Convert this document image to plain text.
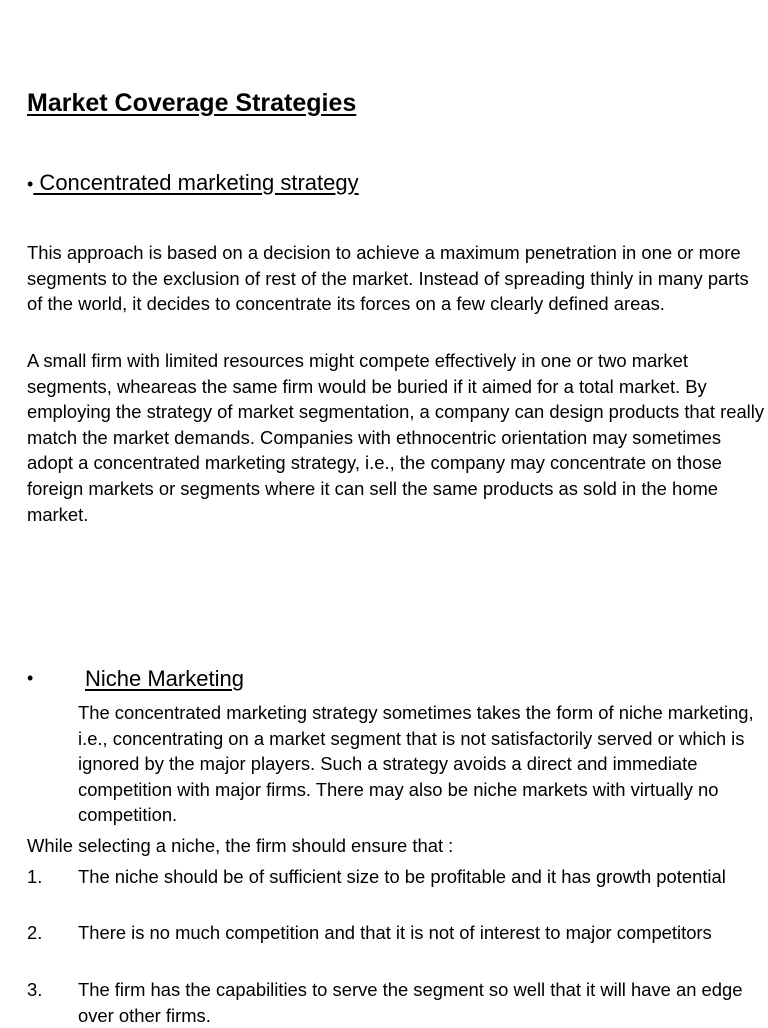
Market Coverage Strategies
• Concentrated marketing strategy

This approach is based on a decision to achieve a maximum penetration in one or more segments to the exclusion of rest of the market. Instead of spreading thinly in many parts of the world, it decides to concentrate its forces on a few clearly defined areas.

A small firm with limited resources might compete effectively in one or two market segments, wheareas the same firm would be buried if it aimed for a total market. By employing the strategy of market segmentation, a company can design products that really match the market demands. Companies with ethnocentric orientation may sometimes adopt a concentrated marketing strategy, i.e., the company may concentrate on those foreign markets or segments where it can sell the same products as sold in the home market.

• Niche Marketing

The concentrated marketing strategy sometimes takes the form of niche marketing, i.e., concentrating on a market segment that is not satisfactorily served or which is ignored by the major players. Such a strategy avoids a direct and immediate competition with major firms. There may also be niche markets with virtually no competition.

While selecting a niche, the firm should ensure that :

1. The niche should be of sufficient size to be profitable and it has growth potential
2. There is no much competition and that it is not of interest to major competitors
3. The firm has the capabilities to serve the segment so well that it will have an edge over other firms.
